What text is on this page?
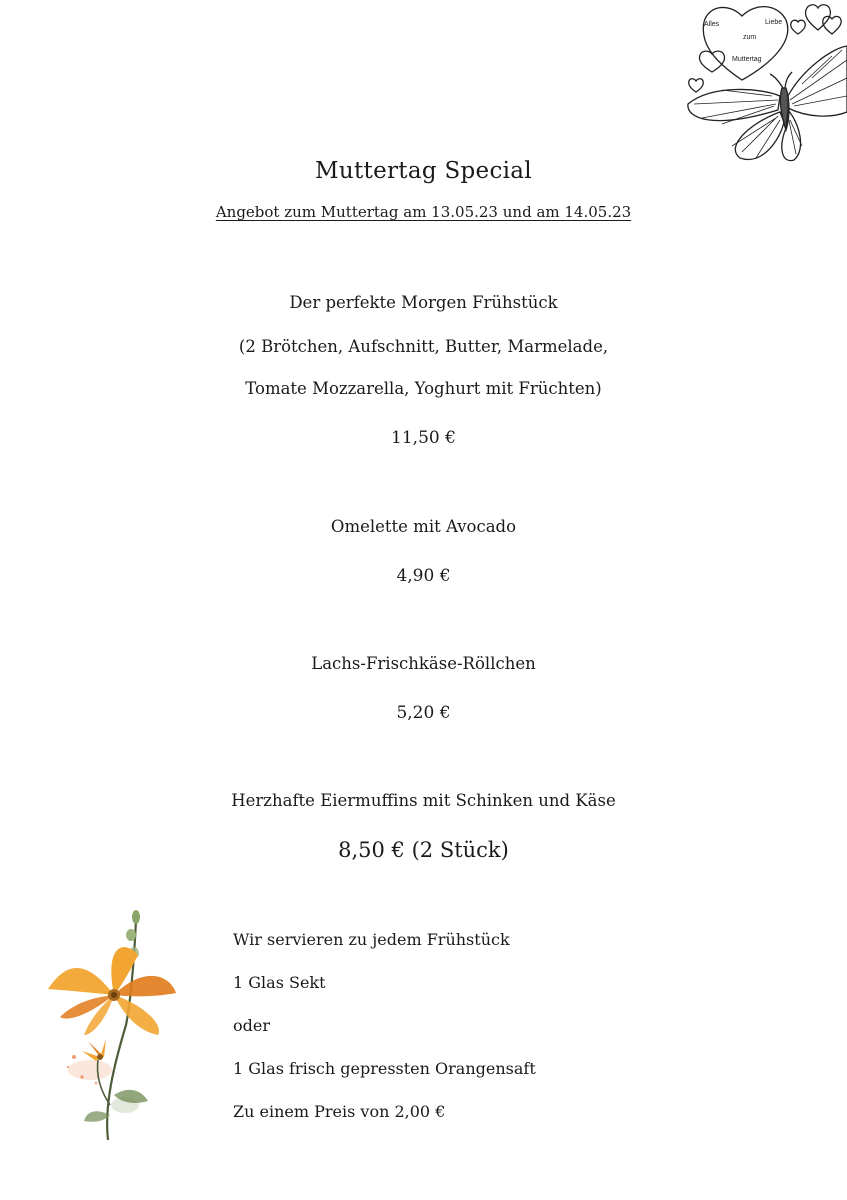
Alles	Liebe
zum
Muttertag
Muttertag Special
Angebot zum Muttertag am 13.05.23 und am 14.05.23
Der perfekte Morgen Frühstück
(2 Brötchen, Aufschnitt, Butter, Marmelade,
Tomate Mozzarella, Yoghurt mit Früchten)
11,50 €
Omelette mit Avocado
4,90 €
Lachs-Frischkäse-Röllchen
5,20 €
Herzhafte Eiermuffins mit Schinken und Käse
8,50 € (2 Stück)
Wir servieren zu jedem Frühstück
1 Glas Sekt
oder
1 Glas frisch gepressten Orangensaft
Zu einem Preis von 2,00 €
